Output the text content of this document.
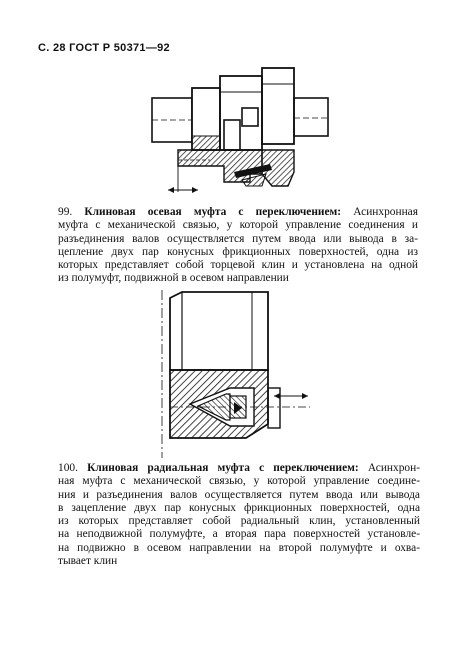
С. 28 ГОСТ Р 50371—92
99. Клиновая осевая муфта с переключением: Асинхронная
муфта с механической связью, у которой управление соединения и
разъединения валов осуществляется путем ввода или вывода в за-
цепление двух пар конусных фрикционных поверхностей, одна из
которых представляет собой торцевой клин и установлена на одной
из полумуфт, подвижной в осевом направлении
100. Клиновая радиальная муфта с переключением: Асинхрон-
ная муфта с механической связью, у которой управление соедине-
ния и разъединения валов осуществляется путем ввода или вывода
в зацепление двух пар конусных фрикционных поверхностей, одна
из которых представляет собой радиальный клин, установленный
на неподвижной полумуфте, а вторая пара поверхностей установле-
на подвижно в осевом направлении на второй полумуфте и охва-
тывает клин
